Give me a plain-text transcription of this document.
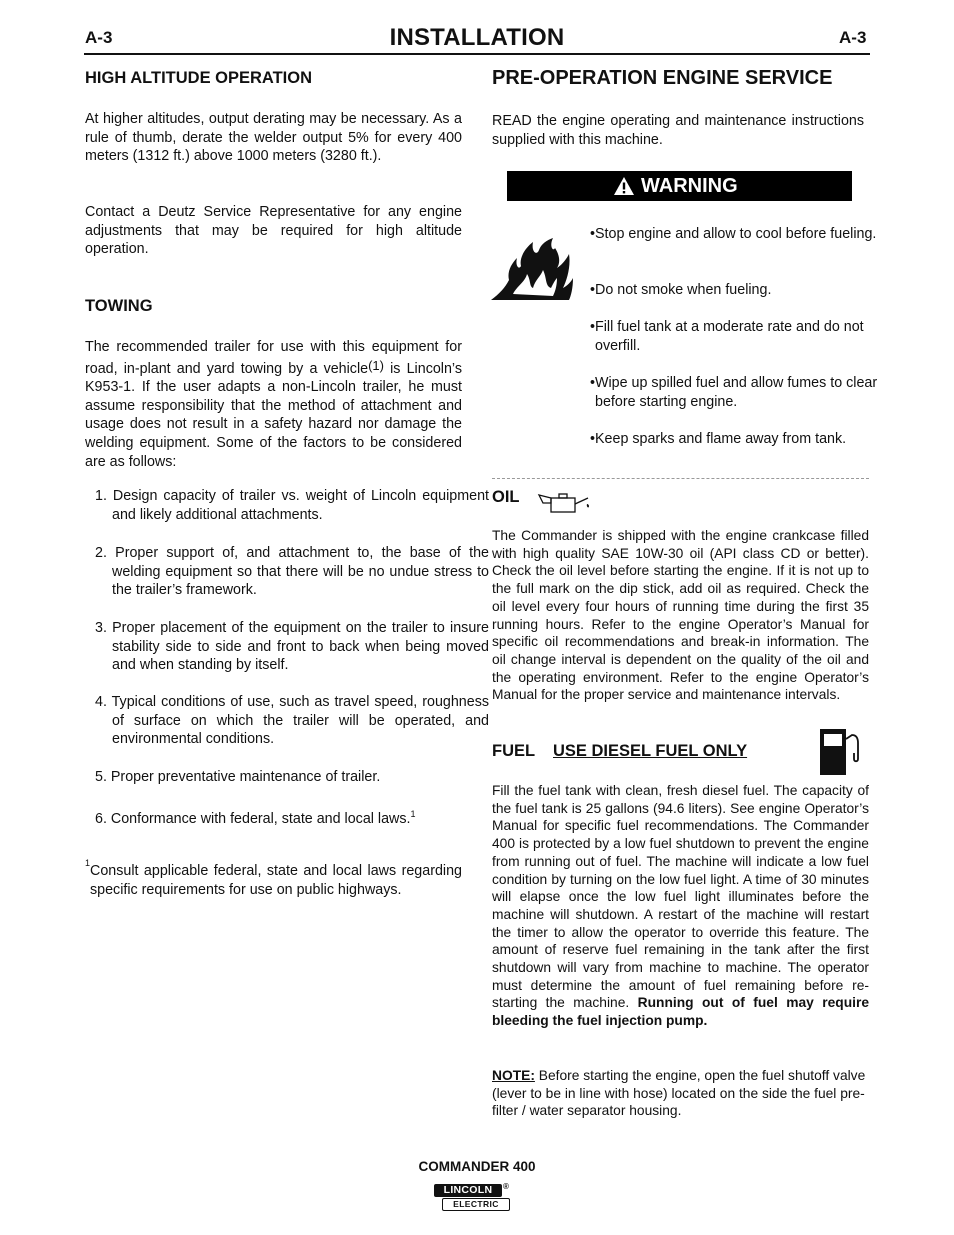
A-3	INSTALLATION	A-3
HIGH ALTITUDE OPERATION

At higher altitudes, output derating may be necessary. As a rule of thumb, derate the welder output 5% for every 400 meters (1312 ft.) above 1000 meters (3280 ft.).

Contact a Deutz Service Representative for any engine adjustments that may be required for high altitude operation.

TOWING

The recommended trailer for use with this equipment for road, in-plant and yard towing by a vehicle(1) is Lincoln’s K953-1. If the user adapts a non-Lincoln trailer, he must assume responsibility that the method of attachment and usage does not result in a safety hazard nor damage the welding equipment. Some of the factors to be considered are as follows:

1. Design capacity of trailer vs. weight of Lincoln equipment and likely additional attachments.

2. Proper support of, and attachment to, the base of the welding equipment so that there will be no undue stress to the trailer’s framework.

3. Proper placement of the equipment on the trailer to insure stability side to side and front to back when being moved and when standing by itself.

4. Typical conditions of use, such as travel speed, roughness of surface on which the trailer will be operated, and environmental conditions.

5. Proper preventative maintenance of trailer.

6. Conformance with federal, state and local laws.$^1$

1 Consult applicable federal, state and local laws regarding specific requirements for use on public highways.

PRE-OPERATION ENGINE SERVICE

READ the engine operating and maintenance instructions supplied with this machine.

WARNING

•Stop engine and allow to cool before fueling.

•Do not smoke when fueling.

•Fill fuel tank at a moderate rate and do not overfill.

•Wipe up spilled fuel and allow fumes to clear before starting engine.

•Keep sparks and flame away from tank.

OIL

The Commander is shipped with the engine crankcase filled with high quality SAE 10W-30 oil (API class CD or better). Check the oil level before starting the engine. If it is not up to the full mark on the dip stick, add oil as required. Check the oil level every four hours of running time during the first 35 running hours. Refer to the engine Operator’s Manual for specific oil recommendations and break-in information. The oil change interval is dependent on the quality of the oil and the operating environment. Refer to the engine Operator’s Manual for the proper service and maintenance intervals.

FUEL USE DIESEL FUEL ONLY

Fill the fuel tank with clean, fresh diesel fuel. The capacity of the fuel tank is 25 gallons (94.6 liters). See engine Operator’s Manual for specific fuel recommendations. The Commander 400 is protected by a low fuel shutdown to prevent the engine from running out of fuel. The machine will indicate a low fuel condition by turning on the low fuel light. A time of 30 minutes will elapse once the low fuel light illuminates before the machine will shutdown. A restart of the machine will restart the timer to allow the operator to override this feature. The amount of reserve fuel remaining in the tank after the first shutdown will vary from machine to machine. The operator must determine the amount of fuel remaining before re-starting the machine. Running out of fuel may require bleeding the fuel injection pump.

NOTE: Before starting the engine, open the fuel shutoff valve (lever to be in line with hose) located on the side the fuel pre-filter / water separator housing.

COMMANDER 400
LINCOLN	®
ELECTRIC
